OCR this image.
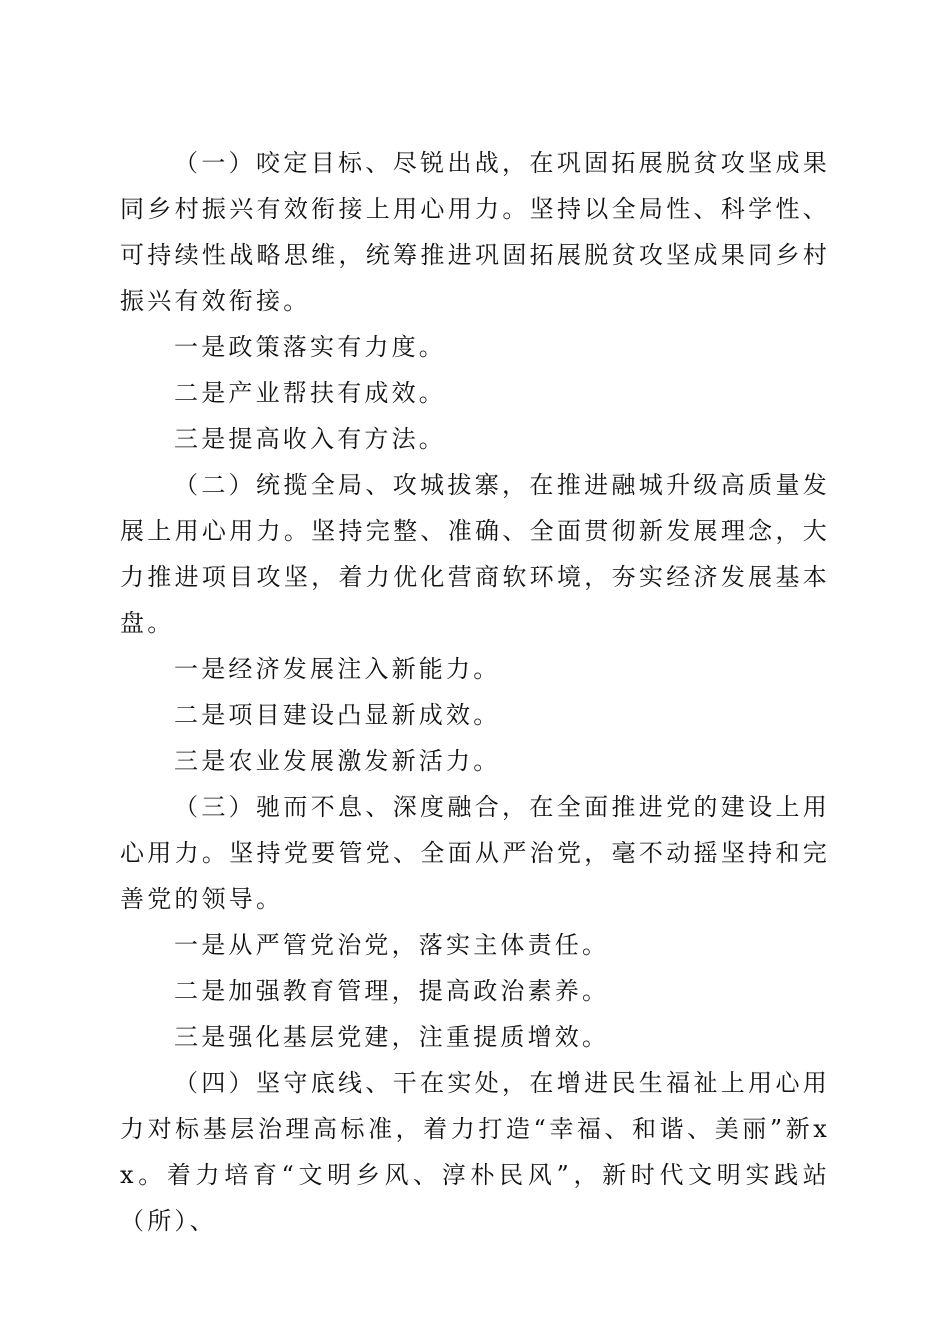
（一）咬定目标、尽锐出战，在巩固拓展脱贫攻坚成果同乡村振兴有效衔接上用心用力。坚持以全局性、科学性、可持续性战略思维，统筹推进巩固拓展脱贫攻坚成果同乡村振兴有效衔接。

一是政策落实有力度。

二是产业帮扶有成效。

三是提高收入有方法。

（二）统揽全局、攻城拔寨，在推进融城升级高质量发展上用心用力。坚持完整、准确、全面贯彻新发展理念，大力推进项目攻坚，着力优化营商软环境，夯实经济发展基本盘。

一是经济发展注入新能力。

二是项目建设凸显新成效。

三是农业发展激发新活力。

（三）驰而不息、深度融合，在全面推进党的建设上用心用力。坚持党要管党、全面从严治党，毫不动摇坚持和完善党的领导。

一是从严管党治党，落实主体责任。

二是加强教育管理，提高政治素养。

三是强化基层党建，注重提质增效。

（四）坚守底线、干在实处，在增进民生福祉上用心用力对标基层治理高标准，着力打造“幸福、和谐、美丽”新xx。着力培育“文明乡风、淳朴民风”，新时代文明实践站（所）、
